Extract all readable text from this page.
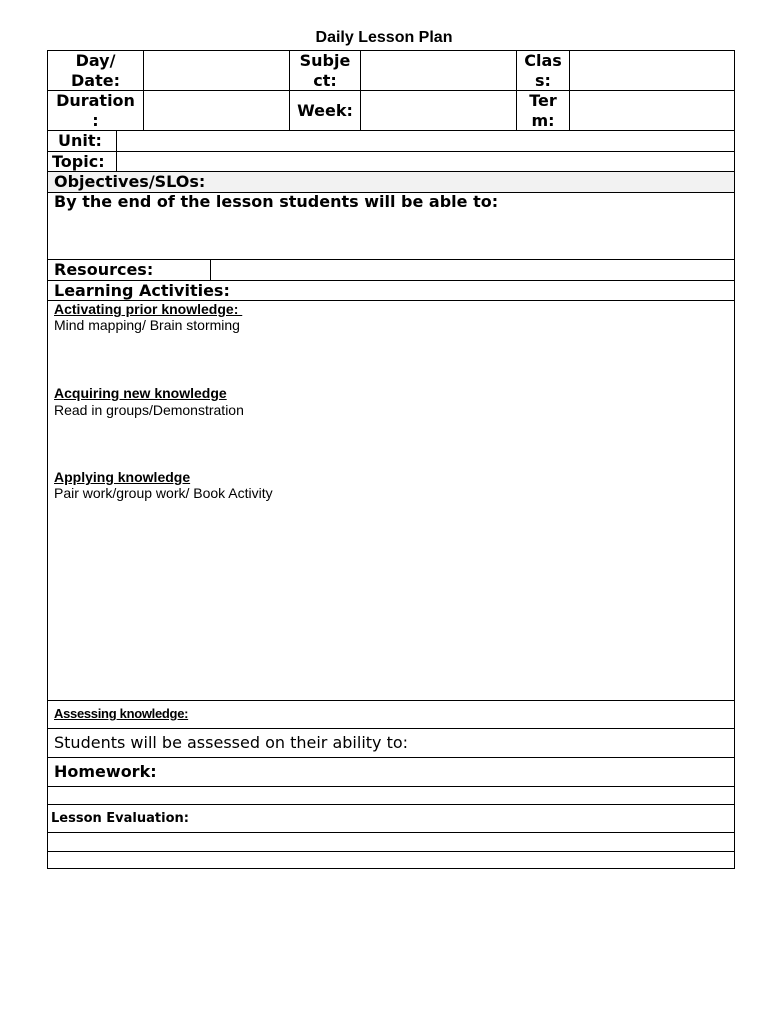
Daily Lesson Plan
Day/
Date:
Subje
ct:
Clas
s:
Duration
:
Week:
Ter
m:
Unit:
Topic:
Objectives/SLOs:
By the end of the lesson students will be able to:
Resources:
Learning Activities:
Activating prior knowledge:
Mind mapping/ Brain storming
Acquiring new knowledge
Read in groups/Demonstration
Applying knowledge
Pair work/group work/ Book Activity
Assessing knowledge:
Students will be assessed on their ability to:
Homework:
Lesson Evaluation:
